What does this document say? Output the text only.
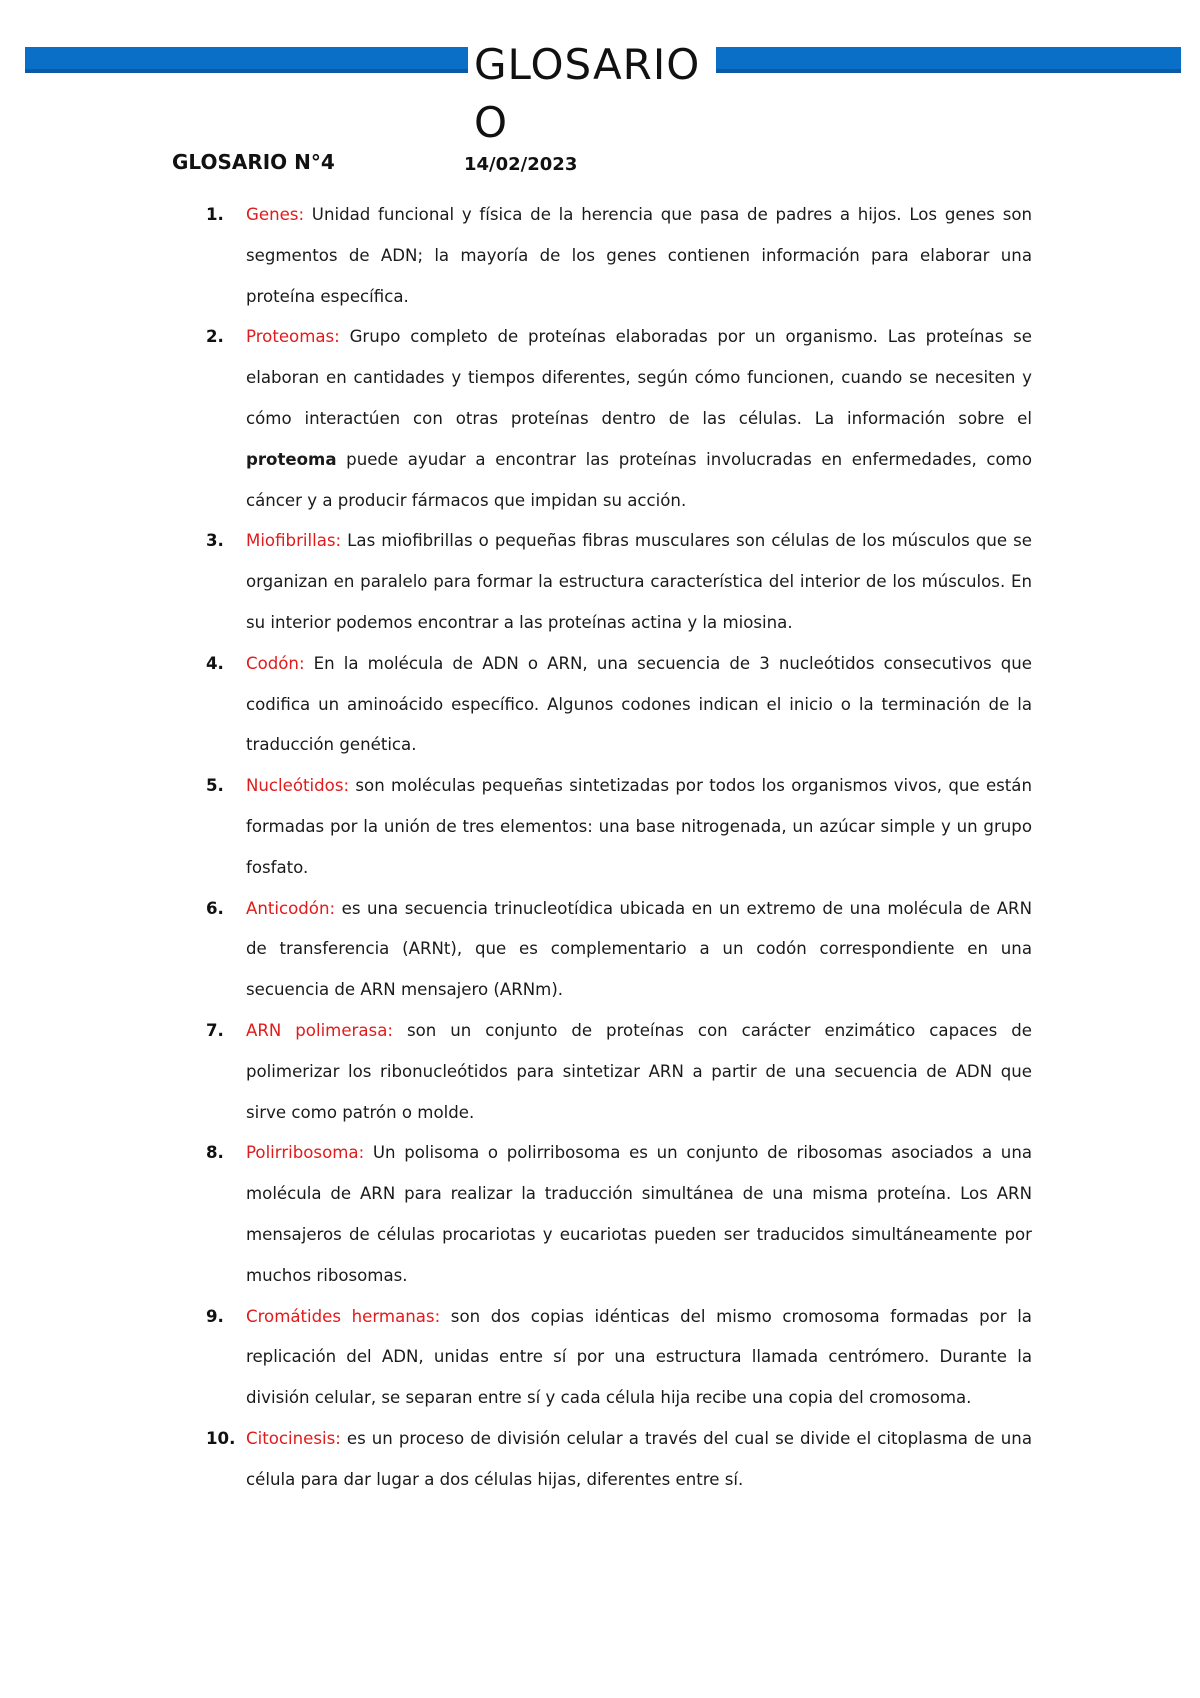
GLOSARIO O
GLOSARIO N°4	14/02/2023
1. Genes: Unidad funcional y física de la herencia que pasa de padres a hijos. Los genes son segmentos de ADN; la mayoría de los genes contienen información para elaborar una proteína específica.
2. Proteomas: Grupo completo de proteínas elaboradas por un organismo. Las proteínas se elaboran en cantidades y tiempos diferentes, según cómo funcionen, cuando se necesiten y cómo interactúen con otras proteínas dentro de las células. La información sobre el proteoma puede ayudar a encontrar las proteínas involucradas en enfermedades, como cáncer y a producir fármacos que impidan su acción.
3. Miofibrillas: Las miofibrillas o pequeñas fibras musculares son células de los músculos que se organizan en paralelo para formar la estructura característica del interior de los músculos. En su interior podemos encontrar a las proteínas actina y la miosina.
4. Codón: En la molécula de ADN o ARN, una secuencia de 3 nucleótidos consecutivos que codifica un aminoácido específico. Algunos codones indican el inicio o la terminación de la traducción genética.
5. Nucleótidos: son moléculas pequeñas sintetizadas por todos los organismos vivos, que están formadas por la unión de tres elementos: una base nitrogenada, un azúcar simple y un grupo fosfato.
6. Anticodón: es una secuencia trinucleotídica ubicada en un extremo de una molécula de ARN de transferencia (ARNt), que es complementario a un codón correspondiente en una secuencia de ARN mensajero (ARNm).
7. ARN polimerasa: son un conjunto de proteínas con carácter enzimático capaces de polimerizar los ribonucleótidos para sintetizar ARN a partir de una secuencia de ADN que sirve como patrón o molde.
8. Polirribosoma: Un polisoma o polirribosoma es un conjunto de ribosomas asociados a una molécula de ARN para realizar la traducción simultánea de una misma proteína. Los ARN mensajeros de células procariotas y eucariotas pueden ser traducidos simultáneamente por muchos ribosomas.
9. Cromátides hermanas: son dos copias idénticas del mismo cromosoma formadas por la replicación del ADN, unidas entre sí por una estructura llamada centrómero. Durante la división celular, se separan entre sí y cada célula hija recibe una copia del cromosoma.
10. Citocinesis: es un proceso de división celular a través del cual se divide el citoplasma de una célula para dar lugar a dos células hijas, diferentes entre sí.
